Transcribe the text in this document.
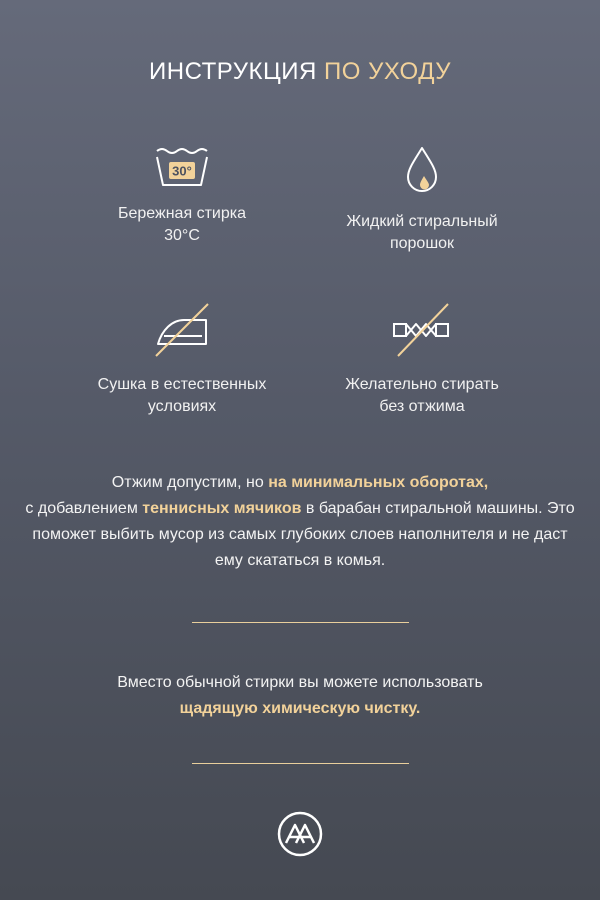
ИНСТРУКЦИЯ ПО УХОДУ
30°
Бережная стирка
30°C
Жидкий стиральный
порошок
Сушка в естественных
условиях
Желательно стирать
без отжима
Отжим допустим, но на минимальных оборотах,
с добавлением теннисных мячиков в барабан стиральной машины. Это поможет выбить мусор из самых глубоких слоев наполнителя и не даст ему скататься в комья.
Вместо обычной стирки вы можете использовать
щадящую химическую чистку.
